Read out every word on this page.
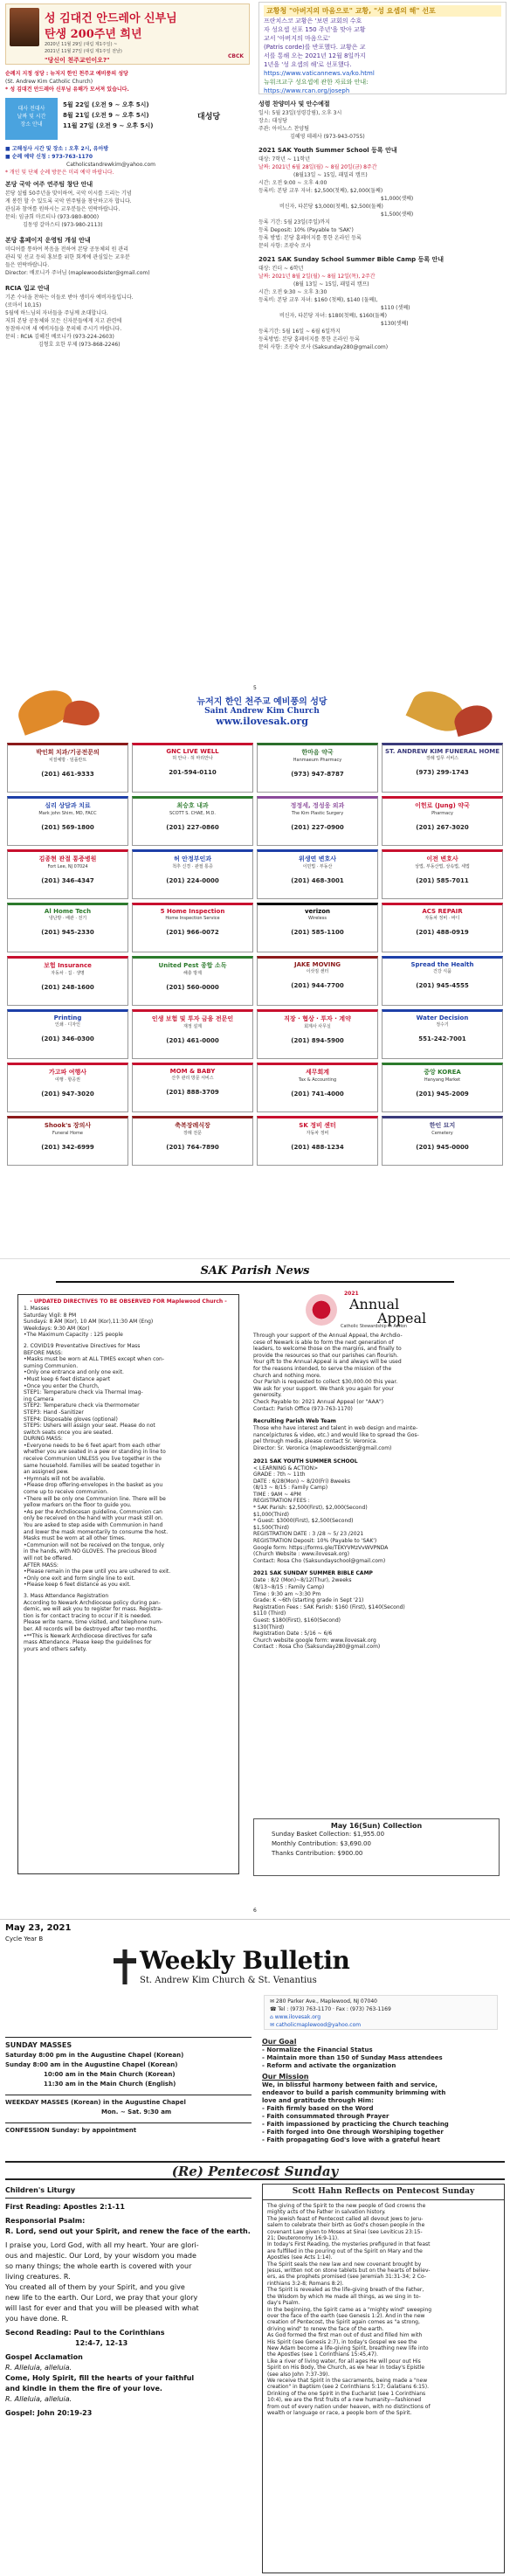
성 김대건 안드레아 신부님
탄생 200주년 희년
2020년 11월 29일 (대림 제1주일) ~
2021년 11월 27일 (대림 제1주일 전날)
"당신이 천주교인이오?"
CBCK
교황청 "아버지의 마음으로" 교황, "성 요셉의 해" 선포
프란치스코 교황은 '보편 교회의 수호
자 성요셉 선포 150 주년'을 맞아 교황
교서 '아버지의 마음으로'
(Patris corde)를 반포했다. 교황은 교
서를 통해 오는 2021년 12월 8일까지
1년을 '성 요셉의 해'로 선포했다.
https://www.vaticannews.va/ko.html
뉴워크교구 성요셉에 관한 자료와 안내:
https://www.rcan.org/joseph
순례지 지정 성당 : 뉴저지 한인 천주교 예비풍의 성당
(St. Andrew Kim Catholic Church)
* 성 김대건 안드레아 신부님 유해가 모셔져 있습니다.
대사 전대사
날짜 및 시간
장소 안내
5월 22일 (오전 9 ~ 오후 5시)
8월 21일 (오전 9 ~ 오후 5시)
11월 27일 (오전 9 ~ 오후 5시)
대성당
■ 고해성사 시간 및 장소 : 오후 2시, 유아방
■ 순례 예약 신청 : 973-763-1170
Catholicstandrewkim@yahoo.com
* 개인 및 단체 순례 방문은 미리 예약 바랍니다.
본당 국악 여주 연주팀 창단 안내
본당 설립 50주년을 맞이하여, 국악 이시를 드리는 기념
게 봉헌 할 수 있도록 국악 연주팀을 창단하고자 합니다.
관심과 참여를 원하시는 교우분들은 연락바랍니다.
문의: 임금희 마르티나 (973-980-8000)
김동영 갈마스티 (973-980-2113)
본당 홈페이지 운영팀 개설 안내
미디어를 통하여 복음을 전하여 본당 공동체의 원 관리
관리 및 선교 등의 홍보를 위한 회계에 관심있는 교우분
들은 연락바랍니다.
Director: 배로니카 주녀님 (maplewoodsister@gmail.com)
RCIA 입교 안내
기존 수녀을 찬하는 이들로 받아 생미사 예비자들입니다.
(로마서 10,15)
5월에 하느님의 자녀들을 주님께 초대합니다.
저희 본당 공동체와 모든 신자분들에게 지고 관련에
동참하시며 새 예비자들을 문의해 주시기 바랍니다.
문의 : RCIA 김혜진 베로니카 (973-224-2603)
김형호 요한 부제 (973-868-2246)
성령 찬양미사 및 안수예절
일시: 5월 23일(성령강림), 오후 3시
장소: 대성당
주관: 아이노스 찬양팀
김혜영 데레사 (973-943-0755)
2021 SAK Youth Summer School 등록 안내
대상: 7학년 ~ 11학년
날짜: 2021년 6월 28일(월) ~ 8월 20일(금) 8주간
(8월13일 ~ 15일, 패밀리 캠프)
시간: 오전 9:00 ~ 오후 4:00
등록비: 본당 교우 자녀: $2,500(첫째), $2,000(둘째)
$1,000(셋째)
비신자, 타본당 $3,000(첫째), $2,500(둘째)
$1,500(셋째)
등록 기간: 5월 23일(주일)까지
등록 Deposit: 10% (Payable to 'SAK')
등록 방법: 본당 홈페이지를 통한 온라인 등록
문의 사항: 조광숙 로사
2021 SAK Sunday School Summer Bible Camp 등록 안내
대상: 킨더 ~ 6학년
날짜: 2021년 8월 2일(월) ~ 8월 12일(목), 2주간
(8월 13일 ~ 15일, 패밀리 캠프)
시간: 오전 9:30 ~ 오후 3:30
등록비: 본당 교우 자녀: $160 (첫째), $140 (둘째),
$110 (셋째)
비신자, 타본당 자녀: $180(첫째), $160(둘째)
$130(셋째)
등록기간: 5월 16일 ~ 6월 6일까지
등록방법: 본당 홈페이지를 통한 온라인 등록
문의 사항: 조광숙 로사 (Saksunday280@gmail.com)
5
뉴저지 한인 천주교 예비풍의 성당
Saint Andrew Kim Church
www.ilovesak.org
박인희 치과/기공전문의
치질예방 · 임플란트
(201) 461-9333
GNC LIVE WELL
허 안나 · 허 마리안나
201-594-0110
한마음 약국
Hanmaeum Pharmacy
(973) 947-8787
ST. ANDREW KIM FUNERAL HOME
장례 업무 서비스
(973) 299-1743
심리 상담과 치료
Mark john Shim, MD, FACC
(201) 569-1800
최승호 내과
SCOTT S. CHAE, M.D.
(201) 227-0860
정정세, 정성웅 외과
The Kim Plastic Surgery
(201) 227-0900
이헌로 (Jung) 약국
Pharmacy
(201) 267-3020
김종현 관절 통증병원
Fort Lee, NJ 07024
(201) 346-4347
허 안정부인과
척추 신경 · 관절 통증
(201) 224-0000
위생연 변호사
이민법 · 부동산
(201) 468-3001
이전 변호사
상법, 부동산법, 상속법, 세법
(201) 585-7011
Al Home Tech
냉난방 · 배관 · 전기
(201) 945-2330
5 Home Inspection
Home Inspection Service
(201) 966-0072
verizon
Wireless
(201) 585-1100
ACS REPAIR
자동차 정비 · 바디
(201) 488-0919
보험 Insurance
자동차 · 집 · 생명
(201) 248-1600
United Pest 종합 소독
해충 방제
(201) 560-0000
JAKE MOVING
이삿짐 센터
(201) 944-7700
Spread the Health
건강 식품
(201) 945-4555
Printing
인쇄 · 디자인
(201) 346-0300
인생 보험 및 투자 금융 전문인
재정 설계
(201) 461-0000
직장 · 협상 · 투자 · 계약
회계사 사무실
(201) 894-5900
Water Decision
정수기
551-242-7001
가고파 여행사
여행 · 항공권
(201) 947-3020
MOM & BABY
산후 관리 방문 서비스
(201) 888-3709
세무회계
Tax & Accounting
(201) 741-4000
중앙 KOREA
Hanyang Market
(201) 945-2009
Shook's 장의사
Funeral Home
(201) 342-6999
축복장례식장
장례 전문
(201) 764-7890
SK 정비 센터
자동차 정비
(201) 488-1234
한인 묘지
Cemetery
(201) 945-0000
SAK Parish News
- UPDATED DIRECTIVES TO BE OBSERVED FOR Maplewood Church -
1. Masses
Saturday Vigil: 8 PM
Sundays: 8 AM (Kor), 10 AM (Kor),11:30 AM (Eng)
Weekdays: 9:30 AM (Kor)
•The Maximum Capacity : 125 people
2. COVID19 Preventative Directives for Mass
BEFORE MASS:
•Masks must be worn at ALL TIMES except when con-
suming Communion.
•Only one entrance and only one exit.
•Must keep 6 feet distance apart
•Once you enter the Church,
STEP1: Temperature check via Thermal Imag-
ing Camera
STEP2: Temperature check via thermometer
STEP3: Hand -Sanitizer
STEP4: Disposable gloves (optional)
STEP5: Ushers will assign your seat. Please do not
switch seats once you are seated.
DURING MASS:
•Everyone needs to be 6 feet apart from each other
whether you are seated in a pew or standing in line to
receive Communion UNLESS you live together in the
same household. Families will be seated together in
an assigned pew.
•Hymnals will not be available.
•Please drop offering-envelopes in the basket as you
come up to receive communion.
•There will be only one Communion line. There will be
yellow markers on the floor to guide you.
•As per the Archdiocesan guideline, Communion can
only be received on the hand with your mask still on.
You are asked to step aside with Communion in hand
and lower the mask momentarily to consume the host.
Masks must be worn at all other times.
•Communion will not be received on the tongue, only
in the hands, with NO GLOVES. The precious Blood
will not be offered.
AFTER MASS:
•Please remain in the pew until you are ushered to exit.
•Only one exit and form single line to exit.
•Please keep 6 feet distance as you exit.
3. Mass Attendance Registration
According to Newark Archdiocese policy during pan-
demic, we will ask you to register for mass. Registra-
tion is for contact tracing to occur if it is needed.
Please write name, time visited, and telephone num-
ber. All records will be destroyed after two months.
•**This is Newark Archdiocese directives for safe
mass Attendance. Please keep the guidelines for
yours and others safety.
2021
Annual
Appeal
Catholic Stewardship in Action
Through your support of the Annual Appeal, the Archdio-
cese of Newark is able to form the next generation of
leaders, to welcome those on the margins, and finally to
provide the resources so that our parishes can flourish.
Your gift to the Annual Appeal is and always will be used
for the reasons intended, to serve the mission of the
church and nothing more.
Our Parish is requested to collect $30,000.00 this year.
We ask for your support. We thank you again for your
generosity.
Check Payable to: 2021 Annual Appeal (or "AAA")
Contact: Parish Office (973-763-1170)
Recruiting Parish Web Team
Those who have interest and talent in web design and mainte-
nance(pictures & video, etc.) and would like to spread the Gos-
pel through media, please contact Sr. Veronica.
Director: Sr. Veronica (maplewoodsister@gmail.com)
2021 SAK YOUTH SUMMER SCHOOL
< LEARNING & ACTION>
GRADE : 7th ~ 11th
DATE : 6/28(Mon) ~ 8/20(Fri) 8weeks
(8/13 ~ 8/15 : Family Camp)
TIME : 9AM ~ 4PM
REGISTRATION FEES :
* SAK Parish: $2,500(First), $2,000(Second)
$1,000(Third)
* Guest: $3000(First), $2,500(Second)
$1,500(Third)
REGISTRATION DATE : 3 /28 ~ 5/ 23 /2021
REGISTRATION Deposit: 10% (Payable to 'SAK')
Google form: https://forms.gle/TEKYVMzVvWVPNDA
(Church Website : www.ilovesak.org)
Contact: Rosa Cho (Saksundayschool@gmail.com)
2021 SAK SUNDAY SUMMER BIBLE CAMP
Date : 8/2 (Mon)~8/12(Thur), 2weeks
(8/13~8/15 : Family Camp)
Time : 9:30 am ~3:30 Pm
Grade: K ~6th (starting grade in Sept '21)
Registration Fees : SAK Parish: $160 (First), $140(Second)
$110 (Third)
Guest: $180(First), $160(Second)
$130(Third)
Registration Date : 5/16 ~ 6/6
Church website google form: www.ilovesak.org
Contact : Rosa Cho (Saksunday280@gmail.com)
May 16(Sun) Collection
Sunday Basket Collection: $1,955.00
Monthly Contribution: $3,690.00
Thanks Contribution: $900.00
6
May 23, 2021
Cycle Year B
Weekly Bulletin
St. Andrew Kim Church & St. Venantius
✉ 280 Parker Ave., Maplewood, NJ 07040
☎ Tel : (973) 763-1170 · Fax : (973) 763-1169
⌂ www.ilovesak.org
✉ catholicmaplewood@yahoo.com
SUNDAY MASSES
Saturday 8:00 pm in the Augustine Chapel (Korean)
Sunday 8:00 am in the Augustine Chapel (Korean)
10:00 am in the Main Church (Korean)
11:30 am in the Main Church (English)
WEEKDAY MASSES (Korean) in the Augustine Chapel
Mon. ~ Sat. 9:30 am
CONFESSION Sunday: by appointment
Our Goal
- Normalize the Financial Status
- Maintain more than 150 of Sunday Mass attendees
- Reform and activate the organization
Our Mission
We, in blissful harmony between faith and service,
endeavor to build a parish community brimming with
love and gratitude through Him:
- Faith firmly based on the Word
- Faith consummated through Prayer
- Faith impassioned by practicing the Church teaching
- Faith forged into One through Worshiping together
- Faith propagating God's love with a grateful heart
(Re) Pentecost Sunday
Children's Liturgy
First Reading: Apostles 2:1-11
Responsorial Psalm:
R. Lord, send out your Spirit, and renew the face of the earth.
I praise you, Lord God, with all my heart. Your are glori-
ous and majestic. Our Lord, by your wisdom you made
so many things; the whole earth is covered with your
living creatures. R.
You created all of them by your Spirit, and you give
new life to the earth. Our Lord, we pray that your glory
will last for ever and that you will be pleased with what
you have done. R.
Second Reading: Paul to the Corinthians
12:4-7, 12-13
Gospel Acclamation
R. Alleluia, alleluia.
Come, Holy Spirit, fill the hearts of your faithful
and kindle in them the fire of your love.
R. Alleluia, alleluia.
Gospel: John 20:19-23
Scott Hahn Reflects on Pentecost Sunday
The giving of the Spirit to the new people of God crowns the
mighty acts of the Father in salvation history.
The Jewish feast of Pentecost called all devout Jews to Jeru-
salem to celebrate their birth as God's chosen people in the
covenant Law given to Moses at Sinai (see Leviticus 23:15-
21; Deuteronomy 16:9-11).
In today's First Reading, the mysteries prefigured in that feast
are fulfilled in the pouring out of the Spirit on Mary and the
Apostles (see Acts 1:14).
The Spirit seals the new law and new covenant brought by
Jesus, written not on stone tablets but on the hearts of believ-
ers, as the prophets promised (see Jeremiah 31:31-34; 2 Co-
rinthians 3:2-8; Romans 8:2).
The Spirit is revealed as the life-giving breath of the Father,
the Wisdom by which He made all things, as we sing in to-
day's Psalm.
In the beginning, the Spirit came as a "mighty wind" sweeping
over the face of the earth (see Genesis 1:2). And in the new
creation of Pentecost, the Spirit again comes as "a strong,
driving wind" to renew the face of the earth.
As God formed the first man out of dust and filled him with
His Spirit (see Genesis 2:7), in today's Gospel we see the
New Adam become a life-giving Spirit, breathing new life into
the Apostles (see 1 Corinthians 15:45,47).
Like a river of living water, for all ages He will pour out His
Spirit on His Body, the Church, as we hear in today's Epistle
(see also John 7:37-39).
We receive that Spirit in the sacraments, being made a "new
creation" in Baptism (see 2 Corinthians 5:17; Galatians 6:15).
Drinking of the one Spirit in the Eucharist (see 1 Corinthians
10:4), we are the first fruits of a new humanity—fashioned
from out of every nation under heaven, with no distinctions of
wealth or language or race, a people born of the Spirit.
